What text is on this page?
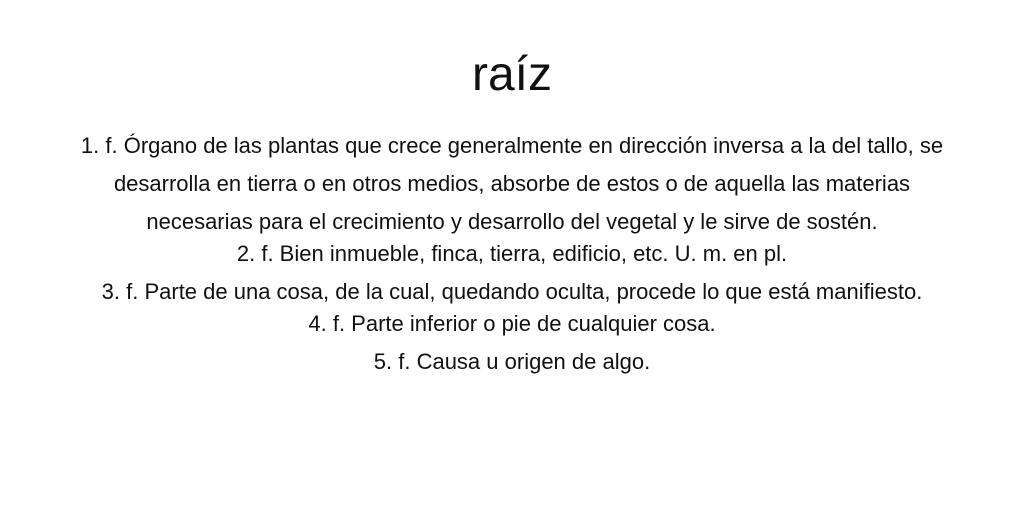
raíz
1. f. Órgano de las plantas que crece generalmente en dirección inversa a la del tallo, se desarrolla en tierra o en otros medios, absorbe de estos o de aquella las materias necesarias para el crecimiento y desarrollo del vegetal y le sirve de sostén.
2. f. Bien inmueble, finca, tierra, edificio, etc. U. m. en pl.
3. f. Parte de una cosa, de la cual, quedando oculta, procede lo que está manifiesto.
4. f. Parte inferior o pie de cualquier cosa.
5. f. Causa u origen de algo.
